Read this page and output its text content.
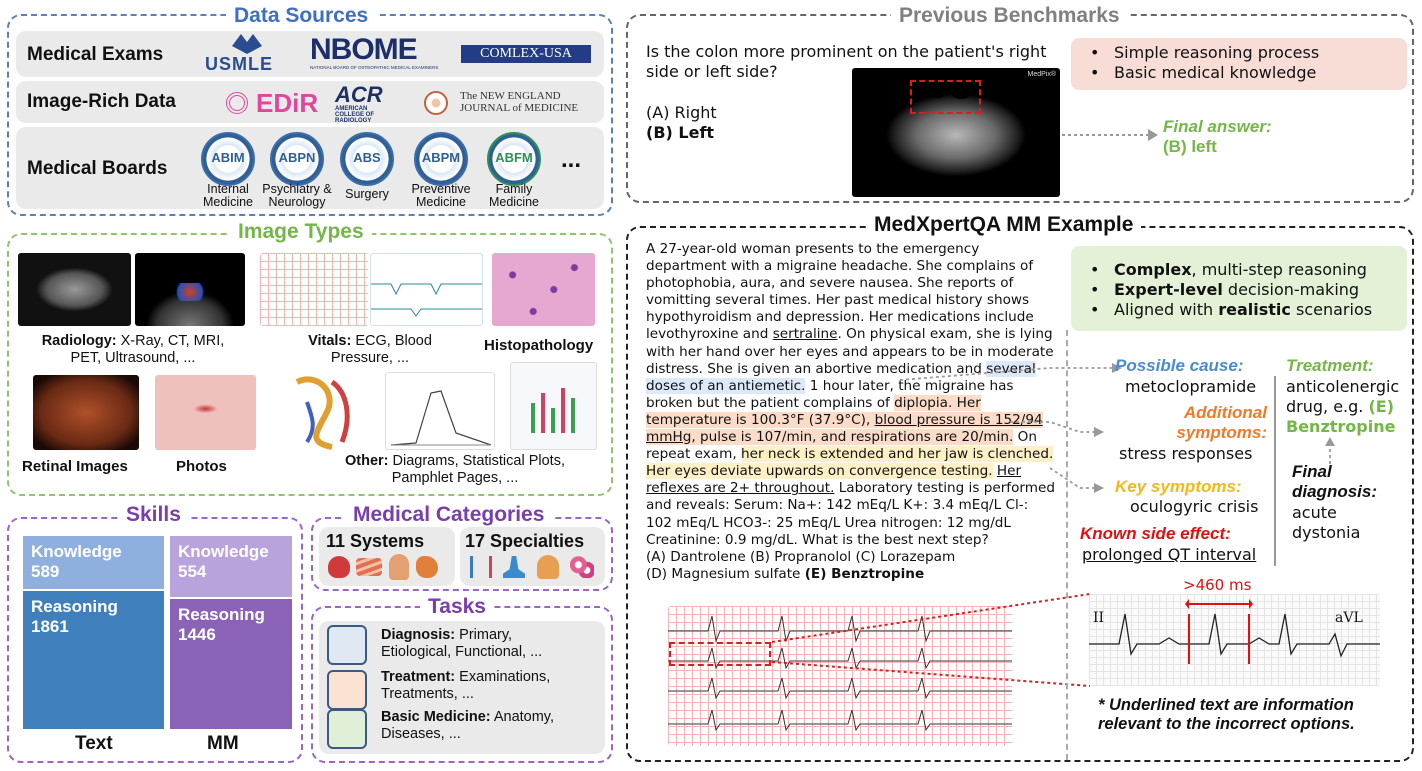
Data Sources
Medical Exams USMLE NBOME
NATIONAL BOARD OF OSTEOPATHIC MEDICAL EXAMINERS
COMLEX-USA
Image-Rich Data	EDiR ACR
AMERICAN COLLEGE OF RADIOLOGY
The NEW ENGLAND
JOURNAL of MEDICINE
Medical Boards
ABIM
Internal Medicine
ABPN
Psychiatry & Neurology
ABS
Surgery
ABPM
Preventive Medicine
ABFM
Family Medicine
...
Image Types
Radiology: X-Ray, CT, MRI, PET, Ultrasound, ...
Vitals: ECG, Blood Pressure, ...
Histopathology
Retinal Images	Photos	Other: Diagrams, Statistical Plots, Pamphlet Pages, ...
Skills
Knowledge
589
Reasoning
1861
Knowledge
554
Reasoning
1446
Text	MM
Medical Categories
11 Systems 17 Specialties
Tasks
Diagnosis: Primary, Etiological, Functional, ...
Treatment: Examinations, Treatments, ...
Basic Medicine: Anatomy, Diseases, ...
Previous Benchmarks
Is the colon more prominent on the patient's right side or left side?
(A) Right
(B) Left
MedPix®
• Simple reasoning process
• Basic medical knowledge
Final answer:
(B) left
MedXpertQA MM Example
A 27-year-old woman presents to the emergency department with a migraine headache. She complains of photophobia, aura, and severe nausea. She reports of vomitting several times. Her past medical history shows hypothyroidism and depression. Her medications include levothyroxine and sertraline. On physical exam, she is lying with her hand over her eyes and appears to be in moderate distress. She is given an abortive medication and several doses of an antiemetic. 1 hour later, the migraine has broken but the patient complains of diplopia. Her temperature is 100.3°F (37.9°C), blood pressure is 152/94 mmHg, pulse is 107/min, and respirations are 20/min. On repeat exam, her neck is extended and her jaw is clenched. Her eyes deviate upwards on convergence testing. Her reflexes are 2+ throughout. Laboratory testing is performed and reveals: Serum: Na+: 142 mEq/L K+: 3.4 mEq/L Cl-: 102 mEq/L HCO3-: 25 mEq/L Urea nitrogen: 12 mg/dL Creatinine: 0.9 mg/dL. What is the best next step?
(A) Dantrolene (B) Propranolol (C) Lorazepam
(D) Magnesium sulfate (E) Benztropine
• Complex, multi-step reasoning
• Expert-level decision-making
• Aligned with realistic scenarios
Possible cause:
metoclopramide
Additional symptoms:
stress responses
Key symptoms:
oculogyric crisis
Known side effect:
prolonged QT interval
Treatment:
anticolenergic drug, e.g. (E) Benztropine
Final diagnosis:
acute dystonia
II	aVL
>460 ms
* Underlined text are information relevant to the incorrect options.
